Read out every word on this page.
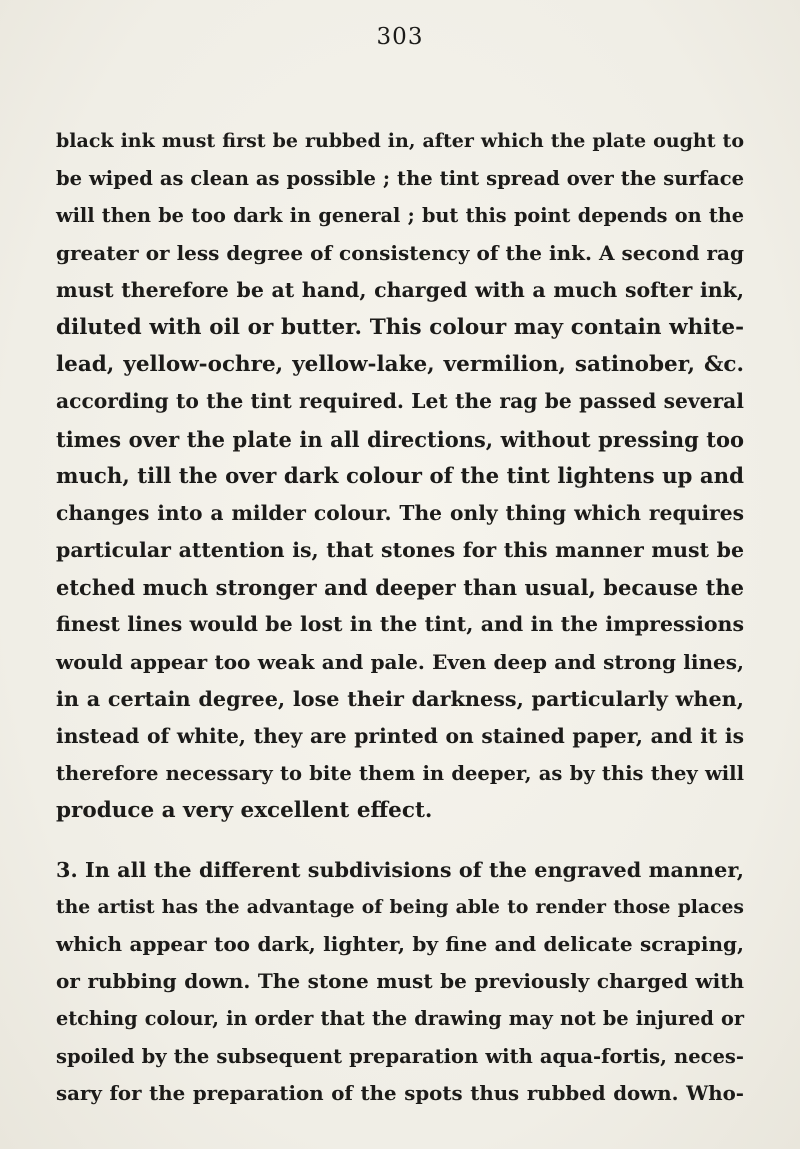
303
black ink must first be rubbed in, after which the plate ought to
be wiped as clean as possible ; the tint spread over the surface
will then be too dark in general ; but this point depends on the
greater or less degree of consistency of the ink. A second rag
must therefore be at hand, charged with a much softer ink,
diluted with oil or butter. This colour may contain white-
lead, yellow-ochre, yellow-lake, vermilion, satinober, &c.
according to the tint required. Let the rag be passed several
times over the plate in all directions, without pressing too
much, till the over dark colour of the tint lightens up and
changes into a milder colour. The only thing which requires
particular attention is, that stones for this manner must be
etched much stronger and deeper than usual, because the
finest lines would be lost in the tint, and in the impressions
would appear too weak and pale. Even deep and strong lines,
in a certain degree, lose their darkness, particularly when,
instead of white, they are printed on stained paper, and it is
therefore necessary to bite them in deeper, as by this they will
produce a very excellent effect.
3. In all the different subdivisions of the engraved manner,
the artist has the advantage of being able to render those places
which appear too dark, lighter, by fine and delicate scraping,
or rubbing down. The stone must be previously charged with
etching colour, in order that the drawing may not be injured or
spoiled by the subsequent preparation with aqua-fortis, neces-
sary for the preparation of the spots thus rubbed down. Who-
